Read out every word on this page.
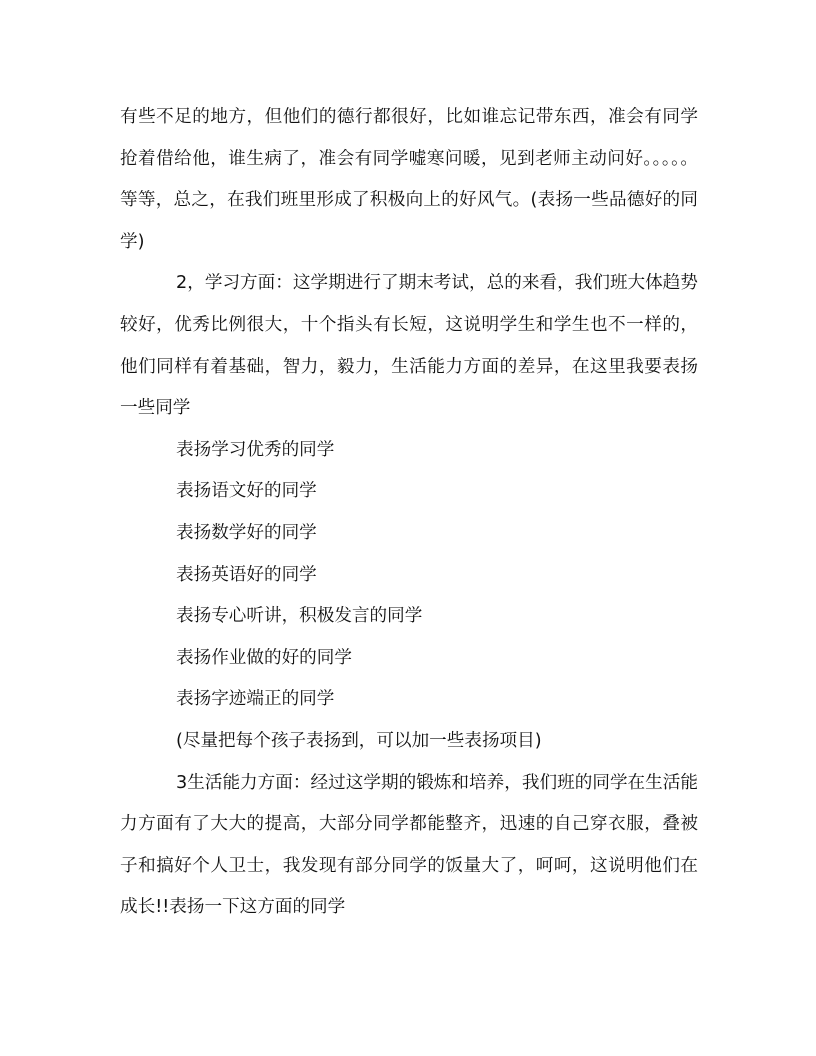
有些不足的地方，但他们的德行都很好，比如谁忘记带东西，准会有同学抢着借给他，谁生病了，准会有同学嘘寒问暖，见到老师主动问好。。。。。等等，总之，在我们班里形成了积极向上的好风气。(表扬一些品德好的同学)

2，学习方面：这学期进行了期末考试，总的来看，我们班大体趋势较好，优秀比例很大，十个指头有长短，这说明学生和学生也不一样的，他们同样有着基础，智力，毅力，生活能力方面的差异，在这里我要表扬一些同学

表扬学习优秀的同学

表扬语文好的同学

表扬数学好的同学

表扬英语好的同学

表扬专心听讲，积极发言的同学

表扬作业做的好的同学

表扬字迹端正的同学

(尽量把每个孩子表扬到，可以加一些表扬项目)

3生活能力方面：经过这学期的锻炼和培养，我们班的同学在生活能力方面有了大大的提高，大部分同学都能整齐，迅速的自己穿衣服，叠被子和搞好个人卫士，我发现有部分同学的饭量大了，呵呵，这说明他们在成长!!表扬一下这方面的同学
